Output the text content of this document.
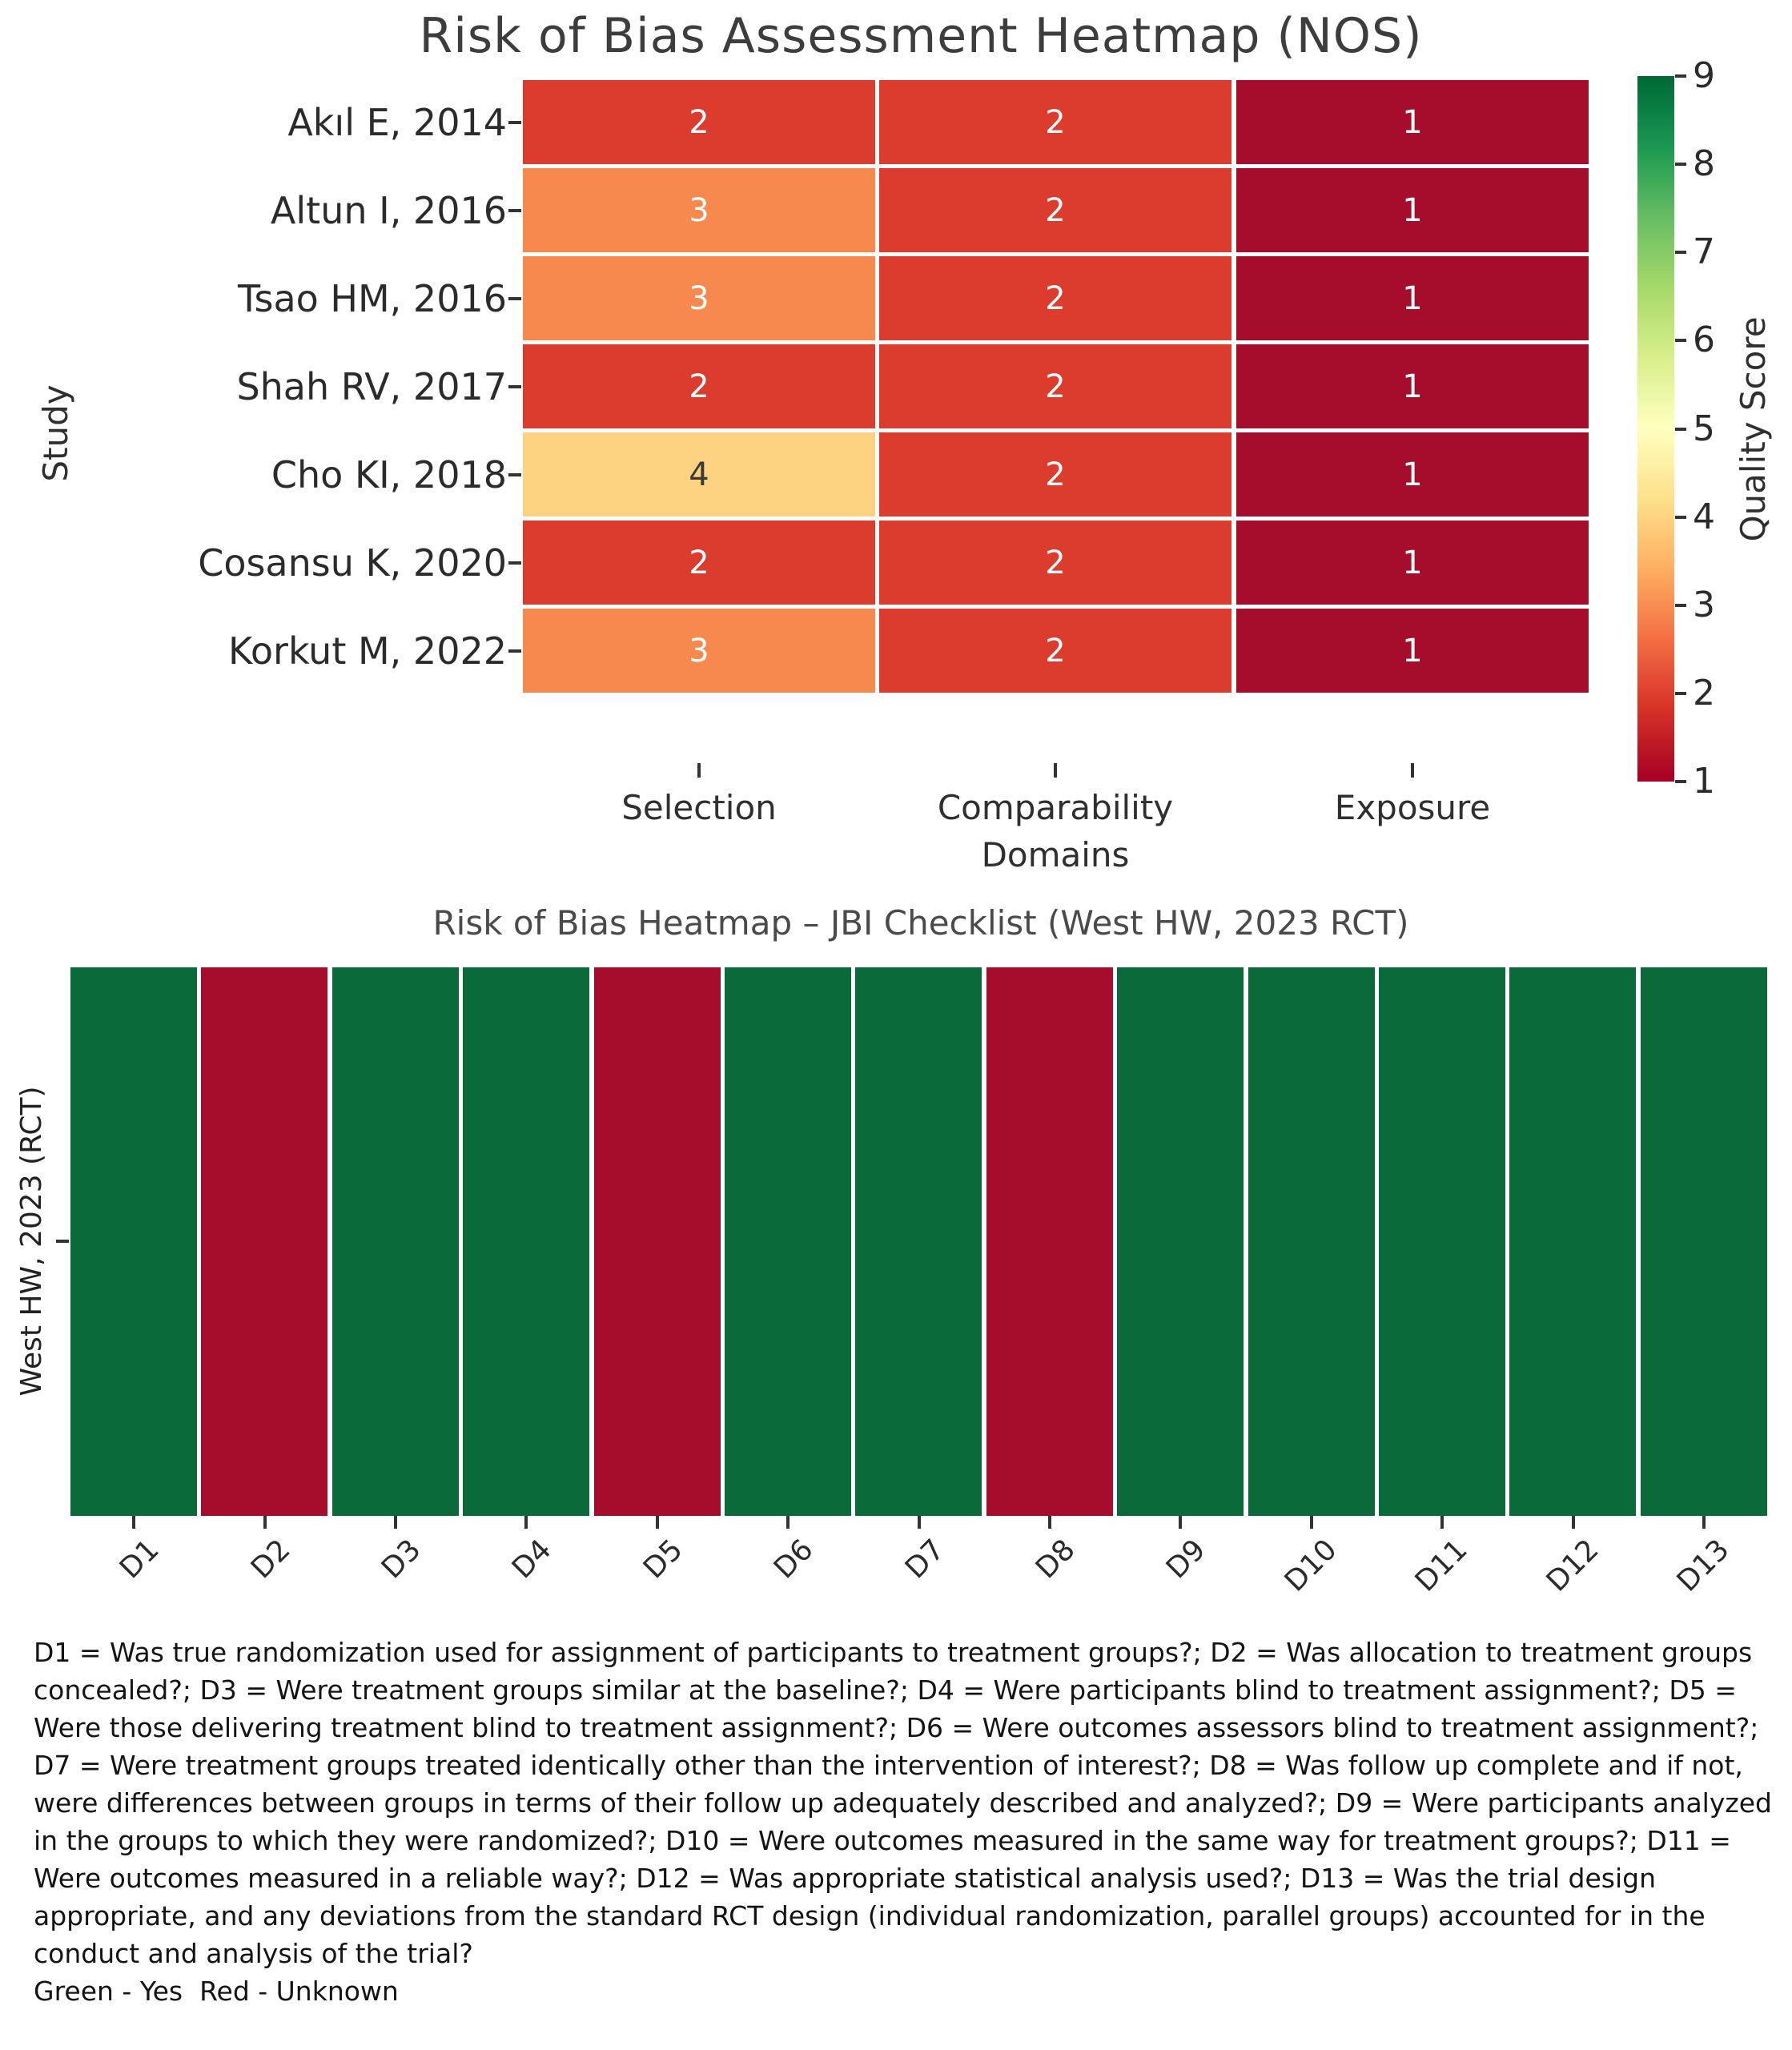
Risk of Bias Assessment Heatmap (NOS)
Study
Domains
Quality Score
Risk of Bias Heatmap – JBI Checklist (West HW, 2023 RCT)
West HW, 2023 (RCT)
D1 = Was true randomization used for assignment of participants to treatment groups?; D2 = Was allocation to treatment groups concealed?; D3 = Were treatment groups similar at the baseline?; D4 = Were participants blind to treatment assignment?; D5 = Were those delivering treatment blind to treatment assignment?; D6 = Were outcomes assessors blind to treatment assignment?; D7 = Were treatment groups treated identically other than the intervention of interest?; D8 = Was follow up complete and if not, were differences between groups in terms of their follow up adequately described and analyzed?; D9 = Were participants analyzed in the groups to which they were randomized?; D10 = Were outcomes measured in the same way for treatment groups?; D11 = Were outcomes measured in a reliable way?; D12 = Was appropriate statistical analysis used?; D13 = Was the trial design appropriate, and any deviations from the standard RCT design (individual randomization, parallel groups) accounted for in the conduct and analysis of the trial?
Green - Yes  Red - Unknown
Akıl E, 2014	2	2	1
Altun I, 2016	3	2	1
Tsao HM, 2016	3	2	1
Shah RV, 2017	2	2	1
Cho KI, 2018	4	2	1
Cosansu K, 2020	2	2	1
Korkut M, 2022	3	2	1
Selection	Comparability	Exposure
1
2
3
4
5
6
7
8
9
D1	D2	D3	D4	D5	D6	D7	D8	D9	D10	D11	D12	D13
